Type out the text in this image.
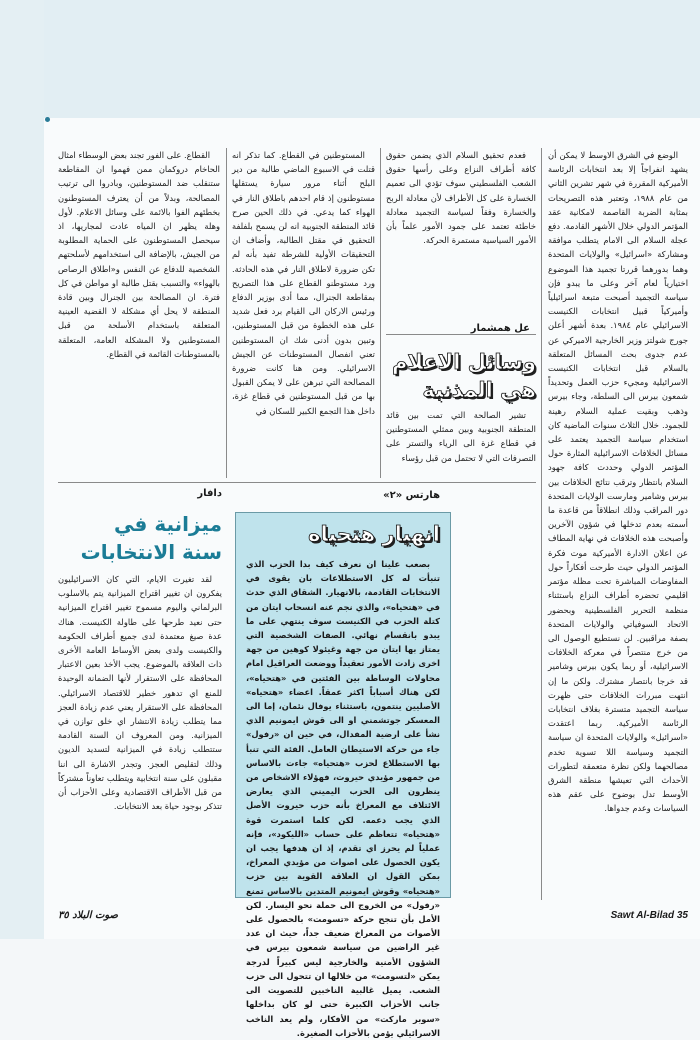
الوضع في الشرق الاوسط لا يمكن أن يشهد انفراجاً إلا بعد انتخابات الرئاسة الأميركية المقررة في شهر تشرين الثاني من عام ١٩٨٨، وتعتبر هذه التصريحات بمثابة الضربة القاصمة لامكانية عقد المؤتمر الدولي خلال الأشهر القادمة. دفع عجلة السلام الى الامام يتطلب موافقة ومشاركة «اسرائيل» والولايات المتحدة وهما بدورهما قررتا تجميد هذا الموضوع اختيارياً لعام آخر وعلى ما يبدو فإن سياسة التجميد أصبحت متبعة اسرائيلياً وأميركياً قبيل انتخابات الكنيست الاسرائيلي عام ١٩٨٤. بعدة أشهر أعلن جورج شولتز وزير الخارجية الاميركي عن عدم جدوى بحث المسائل المتعلقة بالسلام قبل انتخابات الكنيست الاسرائيلية ومجيء حزب العمل وتحديداً شمعون بيرس الى السلطة، وجاء بيرس وذهب وبقيت عملية السلام رهينة للجمود. خلال الثلاث سنوات الماضية كان استخدام سياسة التجميد يعتمد على مسائل الخلافات الاسرائيلية المثارة حول المؤتمر الدولي وحددت كافة جهود السلام بانتظار وترقب نتائج الخلافات بين بيرس وشامير ومارست الولايات المتحدة دور المراقب وذلك انطلاقاً من قاعدة ما أسمته بعدم تدخلها في شؤون الآخرين وأصبحت هذه الخلافات في نهاية المطاف عن اعلان الادارة الأميركية موت فكرة المؤتمر الدولي حيث طرحت أفكاراً حول المفاوضات المباشرة تحت مظلة مؤتمر اقليمي تحضره أطراف النزاع باستثناء منظمة التحرير الفلسطينية وبحضور الاتحاد السوفياتي والولايات المتحدة بصفة مراقبين. لن نستطيع الوصول الى من خرج منتصراً في معركة الخلافات الاسرائيلية، أو ربما يكون بيرس وشامير قد خرجا بانتصار مشترك. ولكن ما إن انتهت مبررات الخلافات حتى ظهرت سياسة التجميد متسترة بغلاف انتخابات الرئاسة الأميركية. ربما اعتقدت «اسرائيل» والولايات المتحدة ان سياسة التجميد وسياسة اللا تسوية تخدم مصالحهما ولكن نظرة متعمقة لتطورات الأحداث التي تعيشها منطقة الشرق الأوسط تدل بوضوح على عقم هذه السياسات وعدم جدواها.

فعدم تحقيق السلام الذي يضمن حقوق كافة أطراف النزاع وعلى رأسها حقوق الشعب الفلسطيني سوف تؤدي الى تعميم الخسارة على كل الأطراف لأن معادلة الربح والخسارة وفقاً لسياسة التجميد معادلة خاطئة تعتمد على جمود الأمور علماً بأن الأمور السياسية مستمرة الحركة.

عل همشمار
وسائل الاعلام
هي المذنبة

تشير الصالحة التي تمت بين قائد المنطقة الجنوبية وبين ممثلي المستوطنين في قطاع غزة الى الرياء والتستر على التصرفات التي لا تحتمل من قبل رؤساء

المستوطنين في القطاع. كما تذكر انه قتلت في الاسبوع الماضي طالبة من دير البلح أثناء مرور سيارة يستقلها مستوطنون إذ قام احدهم باطلاق النار في الهواء كما يدعي. في ذلك الحين صرح قائد المنطقة الجنوبية انه لن يسمح بلفلفة التحقيق في مقتل الطالبة، وأضاف ان التحقيقات الأولية للشرطة تفيد بأنه لم تكن ضرورة لاطلاق النار في هذه الحادثة. ورد مستوطنو القطاع على هذا التصريح بمقاطعة الجنرال، مما أدى بوزير الدفاع ورئيس الاركان الى القيام برد فعل شديد على هذه الخطوة من قبل المستوطنين، وتبين بدون أدنى شك ان المستوطنين تعني انفصال المستوطنات عن الجيش الاسرائيلي. ومن هنا كانت ضرورة المصالحة التي تبرهن على لا يمكن القبول بها من قبل المستوطنين في قطاع غزة، داخل هذا التجمع الكبير للسكان في

القطاع. على الفور تجند بعض الوسطاء امثال الحاخام دروكمان ممن فهموا ان المقاطعة ستنقلب ضد المستوطنين، وبادروا الى ترتيب المصالحة، وبدلاً من أن يعترف المستوطنون بخطئهم الفوا بالائمة على وسائل الاعلام. لأول وهلة يظهر ان المياه عادت لمجاريها، اذ سيحصل المستوطنون على الحماية المطلوبة من الجيش، بالإضافة الى استخدامهم لأسلحتهم الشخصية للدفاع عن النفس و«اطلاق الرصاص بالهواء» والتسبب بقتل طالبة او مواطن في كل فترة. ان المصالحة بين الجنرال وبين قادة المنطقة لا يحل أي مشكلة لا القضية العينية المتعلقة باستخدام الأسلحة من قبل المستوطنين ولا المشكلة العامة، المتعلقة بالمستوطنات القائمة في القطاع.

دافار	هارتس «٢»
انهيار هتحياه

بصعب علينا ان نعرف كيف بدا الحزب الذي تنبأت له كل الاستطلاعات بان يقوى في الانتخابات القادمة، بالانهيار. الشقاق الذي حدث في «هتحياه»، والذي نجم عنه انسحاب ايتان من كتلة الحزب في الكنيست سوف ينتهي على ما يبدو بانقسام نهائي. الصفات الشخصية التي يمتاز بها ايتان من جهة وغيئولا كوهين من جهة اخرى زادت الأمور تعقيداً ووضعت العراقيل امام محاولات الوساطة بين الفئتين في «هتحياه»، لكن هناك أسباباً اكثر عمقاً. اعضاء «هتحياه» الأصليين ينتمون، باستثناء يوفال نئمان، إما الى المعسكر جوتشمني او الى قوش ايمونيم الذي نشأ على ارضية المفدال، في حين ان «رفول» جاء من حركة الاستيطان العامل. الفئة التي تنبأ بها الاستطلاع لحزب «هتحياه» جاءت بالاساس من جمهور مؤيدي حيروت، فهؤلاء الاشخاص من ينظرون الى الحزب اليميني الذي يعارض الائتلاف مع المعراخ بأنه حزب حيروت الأصل الذي يجب دعمه. لكن كلما استمرت قوة «هتحياه» تتعاظم على حساب «الليكود»، فإنه عملياً لم يحرز اي تقدم، إذ ان هدفها يجب ان يكون الحصول على اصوات من مؤيدي المعراخ، بمكن القول ان العلاقة القوية بين حزب «هتحياه» وقوش ايمونيم المتدين بالاساس تمنع «رفول» من الخروج الى حملة نحو اليسار. لكن الأمل بأن تنجح حركة «تسومت» بالحصول على الأصوات من المعراخ ضعيف جداً، حيث ان عدد غير الراضين من سياسة شمعون بيرس في الشؤون الأمنية والخارجية ليس كبيراً لدرجة يمكن «لتسومت» من خلالها ان تتحول الى حزب الشعب. يميل غالبية الناخبين للتصويت الى جانب الأحزاب الكبيرة حتى لو كان بداخلها «سوبر ماركت» من الأفكار، ولم يعد الناخب الاسرائيلي يؤمن بالأحزاب الصغيرة.

ميزانية في
سنة الانتخابات

لقد تغيرت الايام، التي كان الاسرائيليون يفكرون ان تغيير اقتراح الميزانية يتم بالاسلوب البرلماني واليوم مسموح تغيير اقتراح الميزانية حتى نعيد طرحها على طاولة الكنيست. هناك عدة صيغ معتمدة لدى جميع أطراف الحكومة والكنيست ولدى بعض الأوساط العامة الأخرى ذات العلاقة بالموضوع. يجب الأخذ بعين الاعتبار المحافظة على الاستقرار لأنها الضمانة الوحيدة للمنع اي تدهور خطير للاقتصاد الاسرائيلي. المحافظة على الاستقرار يعني عدم زيادة العجز مما يتطلب زيادة الانتشار اي خلق توازن في الميزانية. ومن المعروف ان السنة القادمة ستتطلب زيادة في الميزانية لتسديد الديون وذلك لتقليص العجز. وتجدر الاشارة الى اننا مقبلون على سنة انتخابية ويتطلب تعاوناً مشتركاً من قبل الأطراف الاقتصادية وعلى الأحزاب أن تتذكر بوجود حياة بعد الانتخابات.

Sawt Al-Bilad 35
صوت البلاد ٣٥
